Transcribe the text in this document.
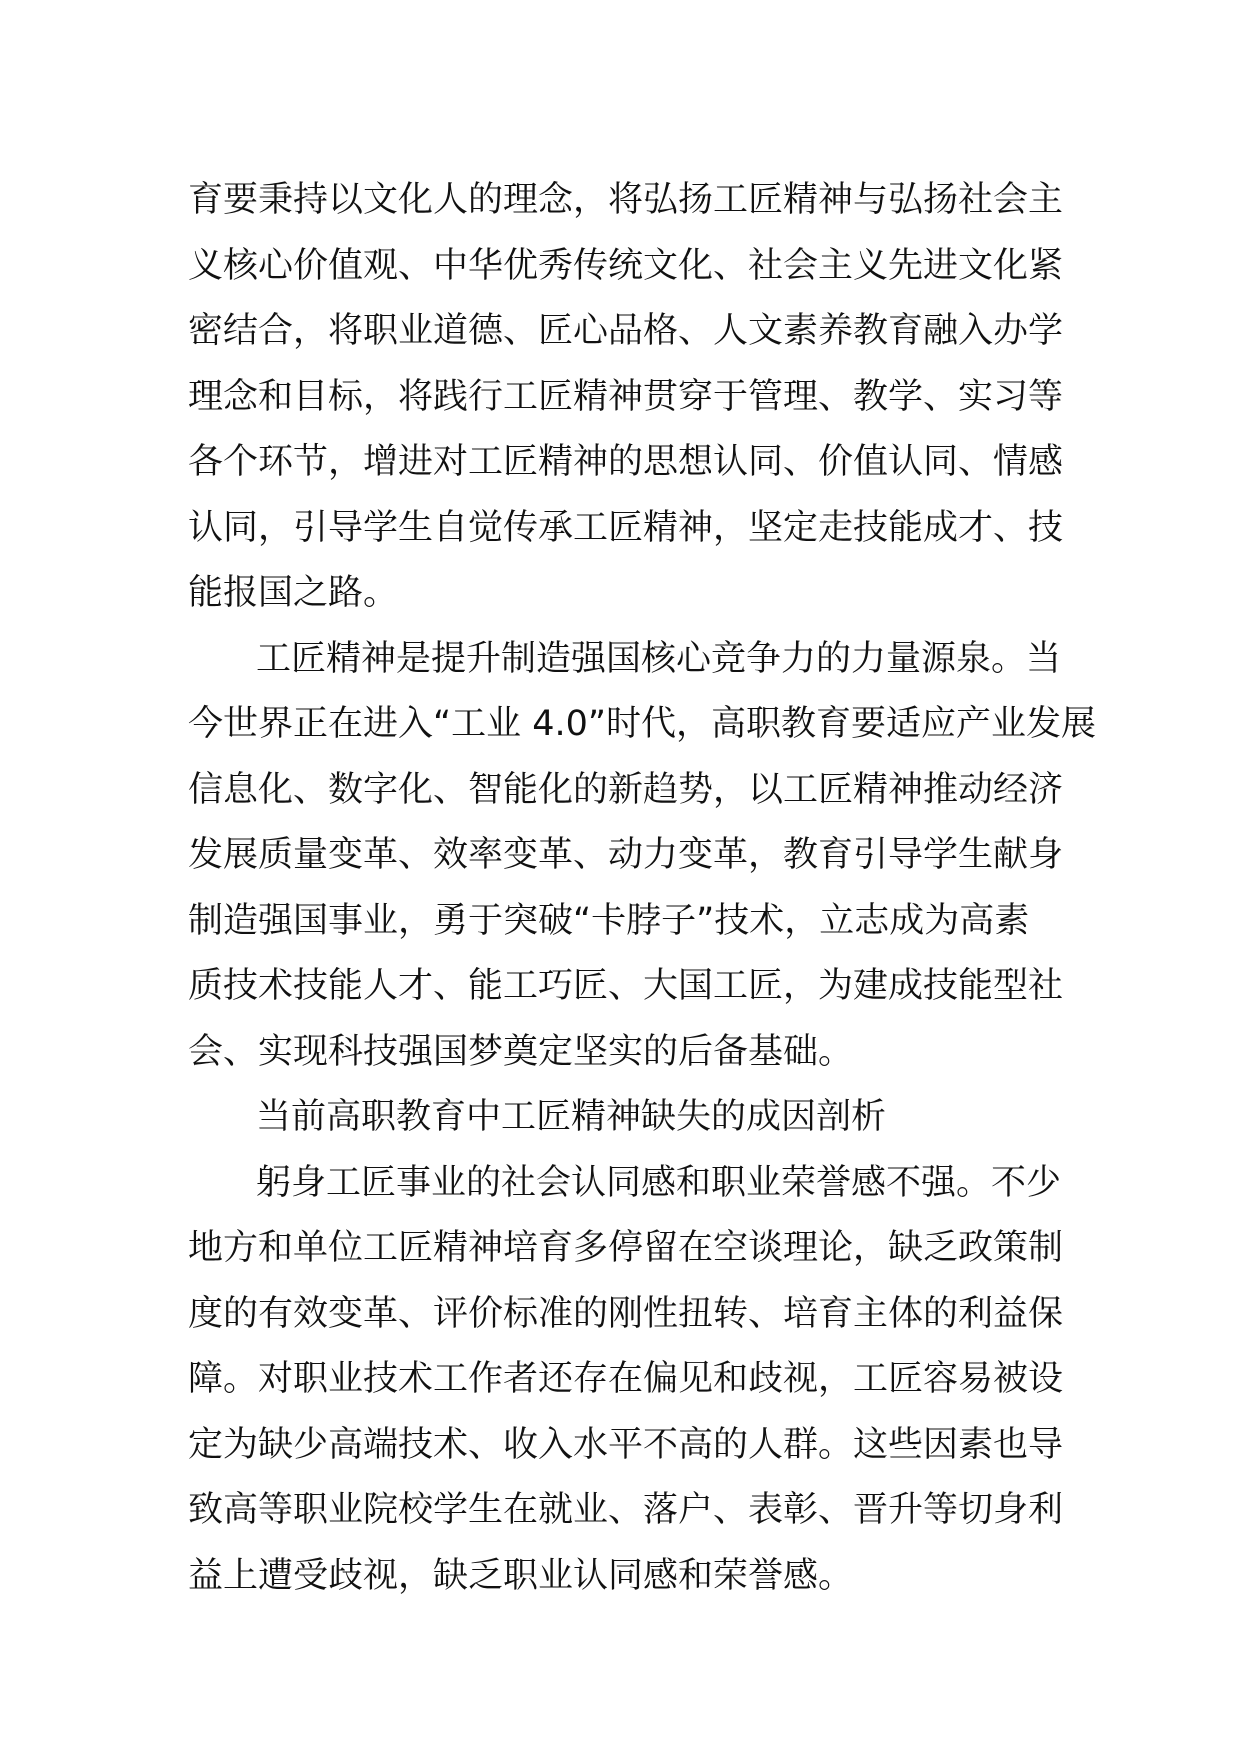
育要秉持以文化人的理念，将弘扬工匠精神与弘扬社会主
义核心价值观、中华优秀传统文化、社会主义先进文化紧
密结合，将职业道德、匠心品格、人文素养教育融入办学
理念和目标，将践行工匠精神贯穿于管理、教学、实习等
各个环节，增进对工匠精神的思想认同、价值认同、情感
认同，引导学生自觉传承工匠精神，坚定走技能成才、技
能报国之路。
工匠精神是提升制造强国核心竞争力的力量源泉。当
今世界正在进入“工业 4.0”时代，高职教育要适应产业发展
信息化、数字化、智能化的新趋势，以工匠精神推动经济
发展质量变革、效率变革、动力变革，教育引导学生献身
制造强国事业，勇于突破“卡脖子”技术，立志成为高素
质技术技能人才、能工巧匠、大国工匠，为建成技能型社
会、实现科技强国梦奠定坚实的后备基础。
当前高职教育中工匠精神缺失的成因剖析
躬身工匠事业的社会认同感和职业荣誉感不强。不少
地方和单位工匠精神培育多停留在空谈理论，缺乏政策制
度的有效变革、评价标准的刚性扭转、培育主体的利益保
障。对职业技术工作者还存在偏见和歧视，工匠容易被设
定为缺少高端技术、收入水平不高的人群。这些因素也导
致高等职业院校学生在就业、落户、表彰、晋升等切身利
益上遭受歧视，缺乏职业认同感和荣誉感。
